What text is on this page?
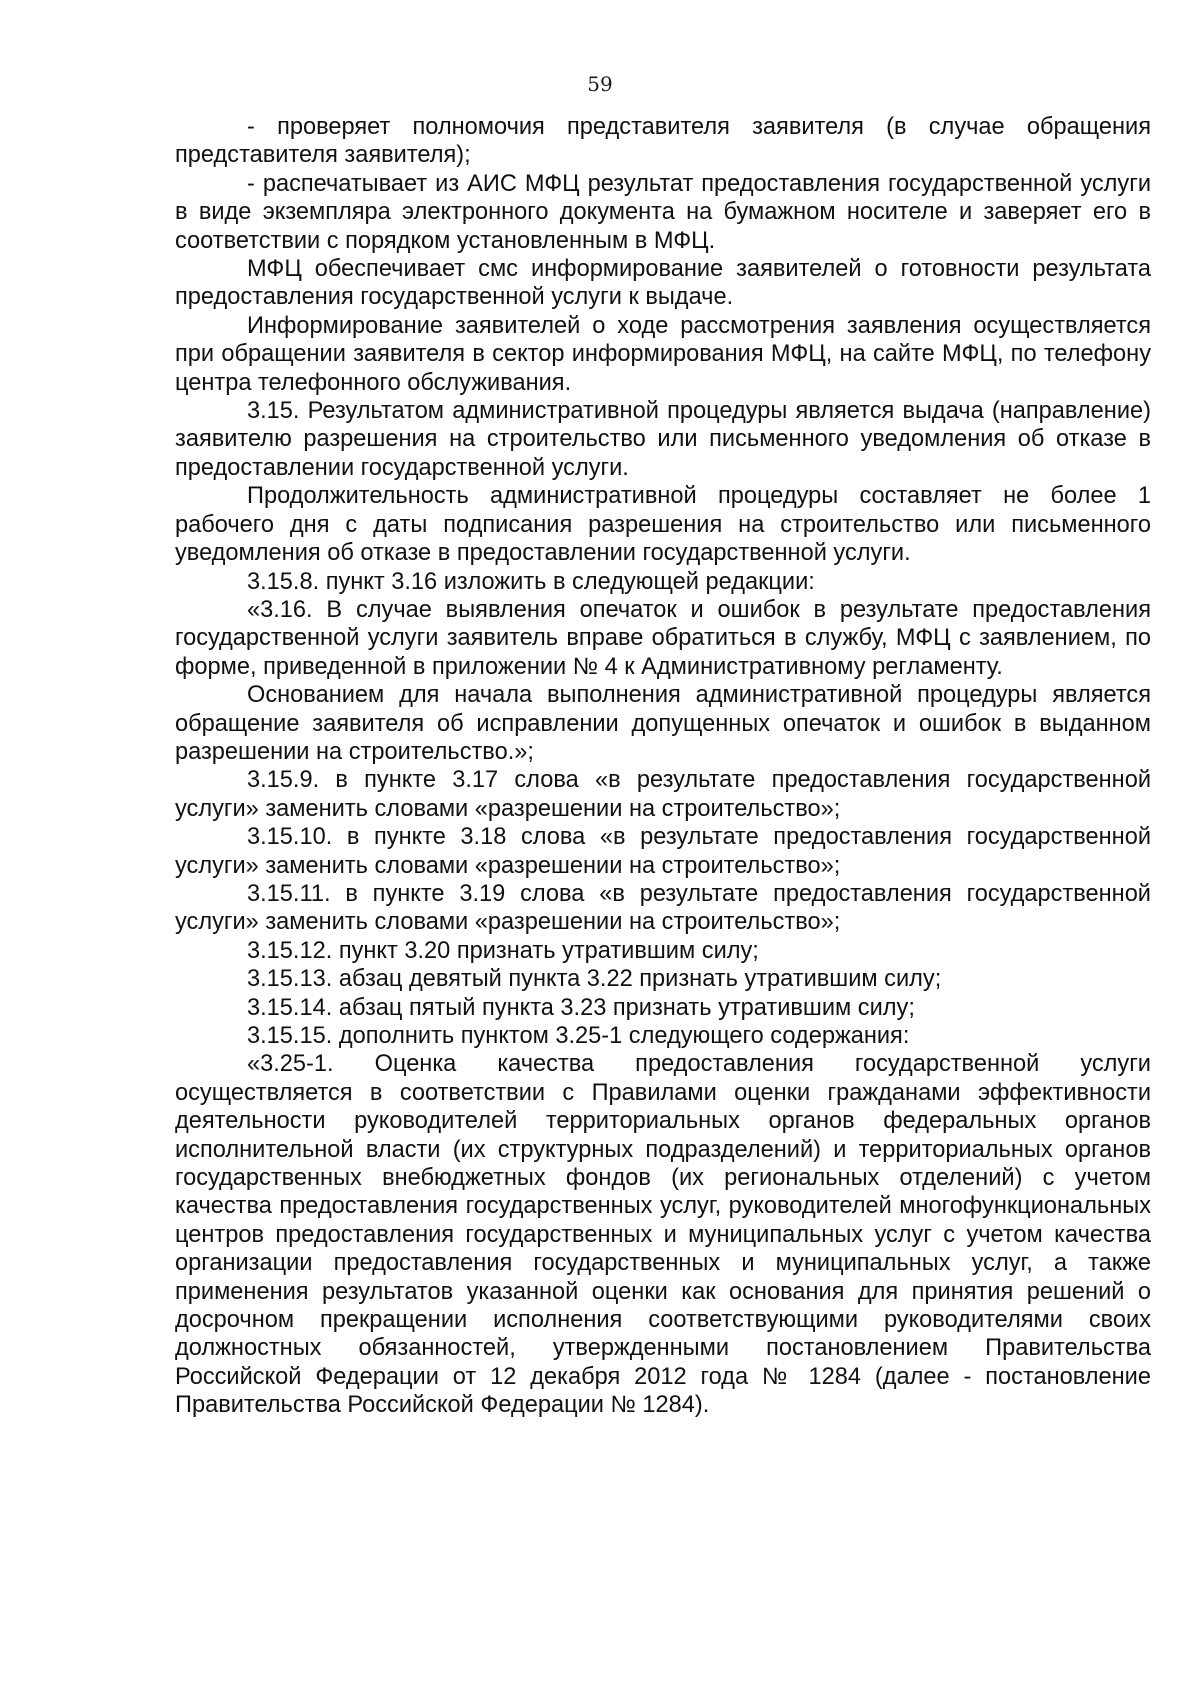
59

- проверяет полномочия представителя заявителя (в случае обращения представителя заявителя);

- распечатывает из АИС МФЦ результат предоставления государственной услуги в виде экземпляра электронного документа на бумажном носителе и заверяет его в соответствии с порядком установленным в МФЦ.

МФЦ обеспечивает смс информирование заявителей о готовности результата предоставления государственной услуги к выдаче.

Информирование заявителей о ходе рассмотрения заявления осуществляется при обращении заявителя в сектор информирования МФЦ, на сайте МФЦ, по телефону центра телефонного обслуживания.

3.15. Результатом административной процедуры является выдача (направление) заявителю разрешения на строительство или письменного уведомления об отказе в предоставлении государственной услуги.

Продолжительность административной процедуры составляет не более 1 рабочего дня с даты подписания разрешения на строительство или письменного уведомления об отказе в предоставлении государственной услуги.

3.15.8. пункт 3.16 изложить в следующей редакции:

«3.16. В случае выявления опечаток и ошибок в результате предоставления государственной услуги заявитель вправе обратиться в службу, МФЦ с заявлением, по форме, приведенной в приложении № 4 к Административному регламенту.

Основанием для начала выполнения административной процедуры является обращение заявителя об исправлении допущенных опечаток и ошибок в выданном разрешении на строительство.»;

3.15.9. в пункте 3.17 слова «в результате предоставления государственной услуги» заменить словами «разрешении на строительство»;

3.15.10. в пункте 3.18 слова «в результате предоставления государственной услуги» заменить словами «разрешении на строительство»;

3.15.11. в пункте 3.19 слова «в результате предоставления государственной услуги» заменить словами «разрешении на строительство»;

3.15.12. пункт 3.20 признать утратившим силу;

3.15.13. абзац девятый пункта 3.22 признать утратившим силу;

3.15.14. абзац пятый пункта 3.23 признать утратившим силу;

3.15.15. дополнить пунктом 3.25-1 следующего содержания:

«3.25-1. Оценка качества предоставления государственной услуги осуществляется в соответствии с Правилами оценки гражданами эффективности деятельности руководителей территориальных органов федеральных органов исполнительной власти (их структурных подразделений) и территориальных органов государственных внебюджетных фондов (их региональных отделений) с учетом качества предоставления государственных услуг, руководителей многофункциональных центров предоставления государственных и муниципальных услуг с учетом качества организации предоставления государственных и муниципальных услуг, а также применения результатов указанной оценки как основания для принятия решений о досрочном прекращении исполнения соответствующими руководителями своих должностных обязанностей, утвержденными постановлением Правительства Российской Федерации от 12 декабря 2012 года № 1284 (далее - постановление Правительства Российской Федерации № 1284).
